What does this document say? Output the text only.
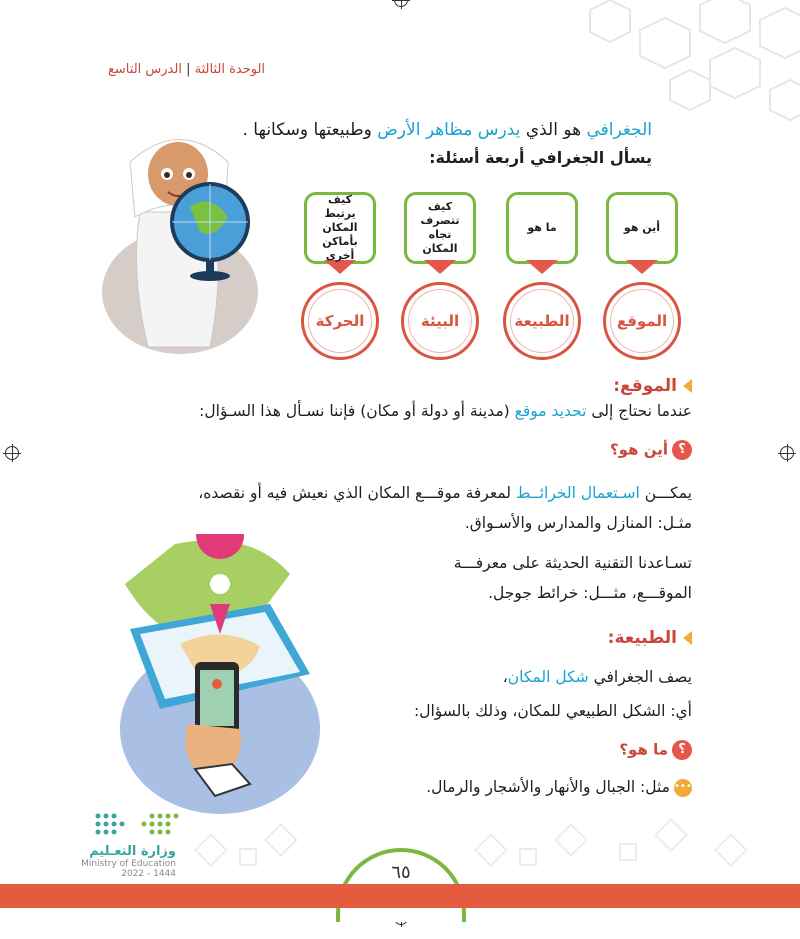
الوحدة الثالثة | الدرس التاسع
الجغرافي هو الذي يدرس مظاهر الأرض وطبيعتها وسكانها .
يسأل الجغرافي أربعة أسئلة:
أين هو
ما هو
كيف تتصرف تجاه المكان
كيف يرتبط المكان بأماكن أخرى
الموقع
الطبيعة
البيئة
الحركة
الموقع:
عندما نحتاج إلى تحديد موقع (مدينة أو دولة أو مكان) فإننا نسـأل هذا السـؤال:
؟أين هو؟
يمكـــن اسـتعمال الخرائــط لمعرفة موقـــع المكان الذي نعيش فيه أو نقصده،
مثـل: المنازل والمدارس والأسـواق.
تسـاعدنا التقنية الحديثة على معرفـــة
الموقـــع، مثـــل: خرائط جوجل.
الطبيعة:
يصف الجغرافي شكل المكان،
أي: الشكل الطبيعي للمكان، وذلك بالسؤال:
؟ما هو؟
•••مثل: الجبال والأنهار والأشجار والرمال.
وزارة التعـليم
Ministry of Education
2022 - 1444	٦٥
